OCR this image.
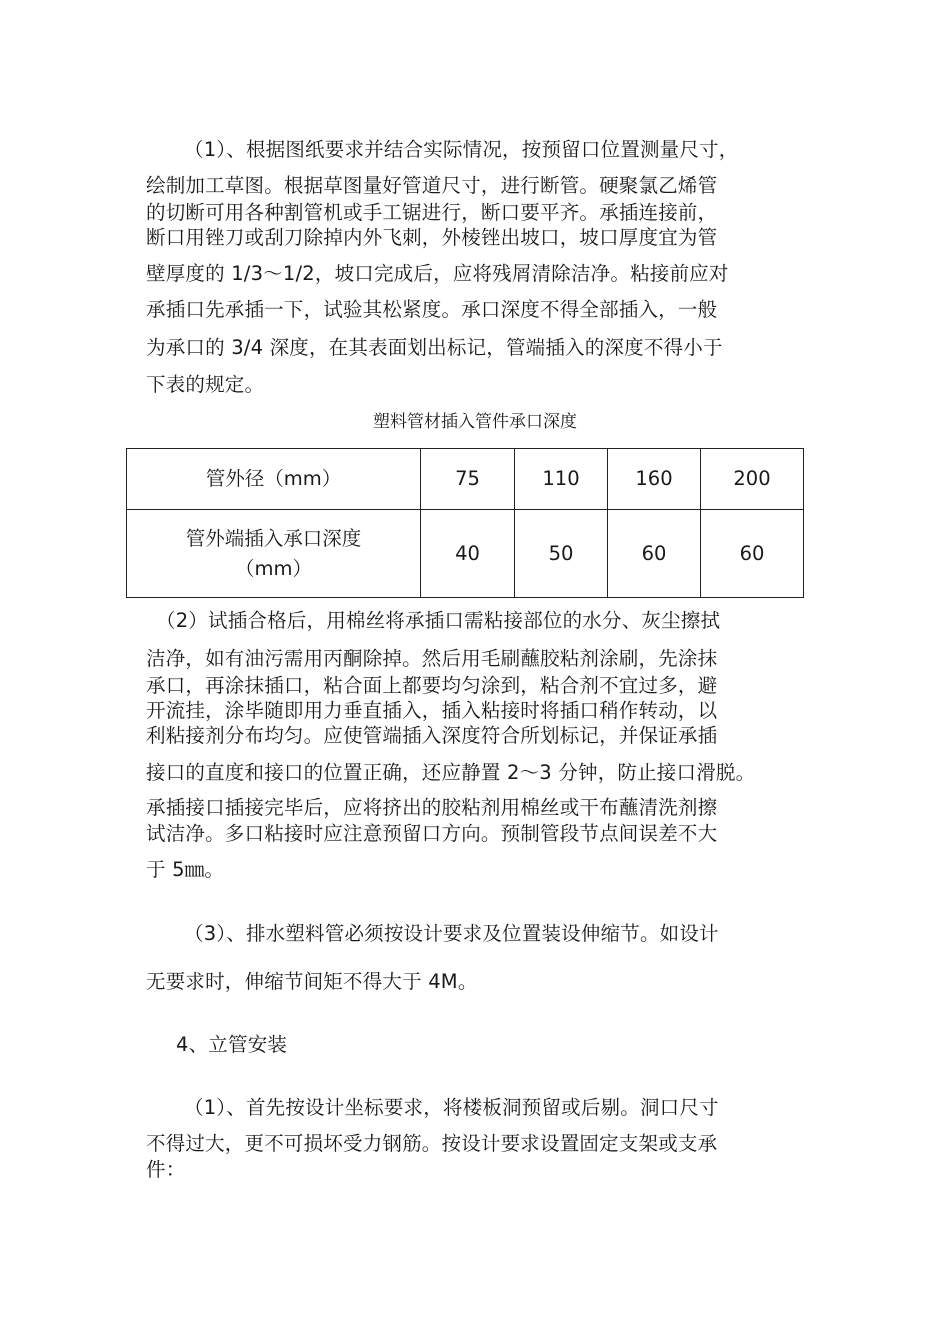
（1）、根据图纸要求并结合实际情况，按预留口位置测量尺寸，
绘制加工草图。根据草图量好管道尺寸，进行断管。硬聚氯乙烯管
的切断可用各种割管机或手工锯进行，断口要平齐。承插连接前，
断口用锉刀或刮刀除掉内外飞刺，外棱锉出坡口，坡口厚度宜为管
壁厚度的 1/3～1/2，坡口完成后，应将残屑清除洁净。粘接前应对
承插口先承插一下，试验其松紧度。承口深度不得全部插入，一般
为承口的 3/4 深度，在其表面划出标记，管端插入的深度不得小于
下表的规定。
塑料管材插入管件承口深度
管外径（mm）	75	110	160	200

管外端插入承口深度
（mm）	40	50	60	60
（2）试插合格后，用棉丝将承插口需粘接部位的水分、灰尘擦拭
洁净，如有油污需用丙酮除掉。然后用毛刷蘸胶粘剂涂刷，先涂抹
承口，再涂抹插口，粘合面上都要均匀涂到，粘合剂不宜过多，避
开流挂，涂毕随即用力垂直插入，插入粘接时将插口稍作转动，以
利粘接剂分布均匀。应使管端插入深度符合所划标记，并保证承插
接口的直度和接口的位置正确，还应静置 2～3 分钟，防止接口滑脱。
承插接口插接完毕后，应将挤出的胶粘剂用棉丝或干布蘸清洗剂擦
试洁净。多口粘接时应注意预留口方向。预制管段节点间误差不大
于 5㎜。
（3）、排水塑料管必须按设计要求及位置装设伸缩节。如设计
无要求时，伸缩节间矩不得大于 4M。
4、立管安装
（1）、首先按设计坐标要求，将楼板洞预留或后剔。洞口尺寸
不得过大，更不可损坏受力钢筋。按设计要求设置固定支架或支承
件：
